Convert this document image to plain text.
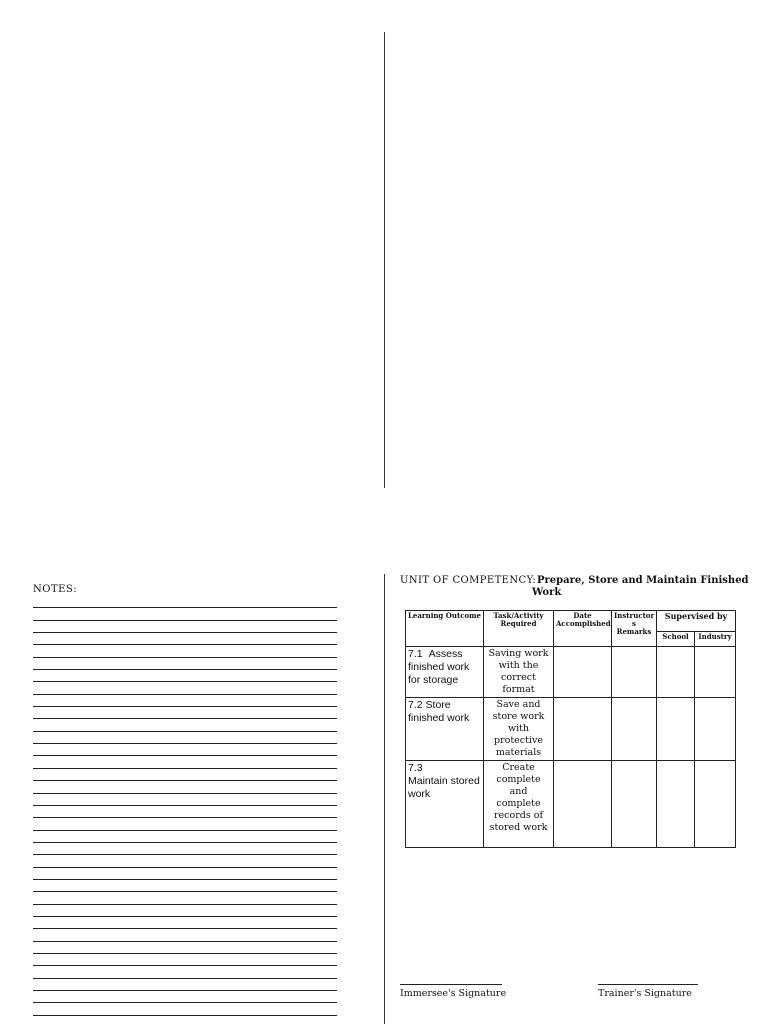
NOTES:
UNIT OF COMPETENCY: Prepare, Store and Maintain Finished
Work
Learning Outcome	Task/Activity Required	Date Accomplished	Instructor s Remarks	Supervised by	
				School	Industry
7.1 Assess finished work for storage	Saving work with the correct format				
7.2 Store finished work	Save and store work with protective materials				
7.3
Maintain stored work	Create complete and complete records of stored work				
Immersee's Signature	Trainer's Signature
